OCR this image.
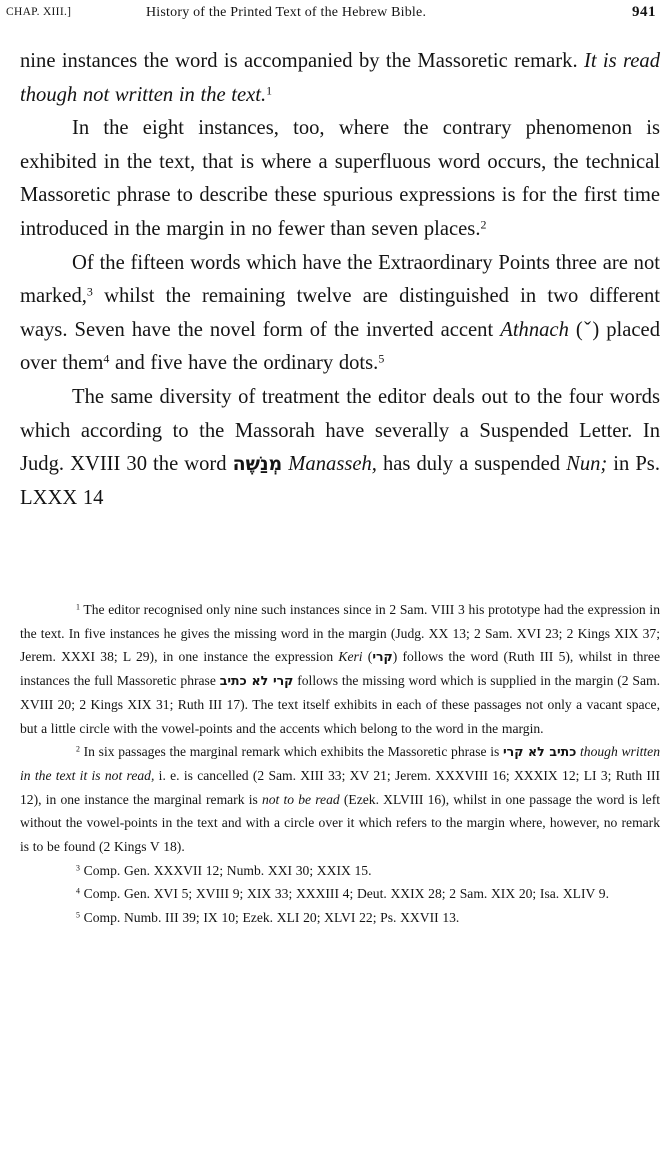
CHAP. XIII.]	History of the Printed Text of the Hebrew Bible.	941

nine instances the word is accompanied by the Massoretic remark. It is read though not written in the text.$^1$

In the eight instances, too, where the contrary phenomenon is exhibited in the text, that is where a superfluous word occurs, the technical Massoretic phrase to describe these spurious expressions is for the first time introduced in the margin in no fewer than seven places.$^2$

Of the fifteen words which have the Extraordinary Points three are not marked,$^3$ whilst the remaining twelve are distinguished in two different ways. Seven have the novel form of the inverted accent Athnach (ˇ) placed over them$^4$ and five have the ordinary dots.$^5$

The same diversity of treatment the editor deals out to the four words which according to the Massorah have severally a Suspended Letter. In Judg. XVIII 30 the word מְנַשֶּׁה Manasseh, has duly a suspended Nun; in Ps. LXXX 14

$^1$ The editor recognised only nine such instances since in 2 Sam. VIII 3 his prototype had the expression in the text. In five instances he gives the missing word in the margin (Judg. XX 13; 2 Sam. XVI 23; 2 Kings XIX 37; Jerem. XXXI 38; L 29), in one instance the expression Keri (קרי) follows the word (Ruth III 5), whilst in three instances the full Massoretic phrase קרי לא כתיב follows the missing word which is supplied in the margin (2 Sam. XVIII 20; 2 Kings XIX 31; Ruth III 17). The text itself exhibits in each of these passages not only a vacant space, but a little circle with the vowel-points and the accents which belong to the word in the margin.

$^2$ In six passages the marginal remark which exhibits the Massoretic phrase is כתיב לא קרי though written in the text it is not read, i. e. is cancelled (2 Sam. XIII 33; XV 21; Jerem. XXXVIII 16; XXXIX 12; LI 3; Ruth III 12), in one instance the marginal remark is not to be read (Ezek. XLVIII 16), whilst in one passage the word is left without the vowel-points in the text and with a circle over it which refers to the margin where, however, no remark is to be found (2 Kings V 18).

$^3$ Comp. Gen. XXXVII 12; Numb. XXI 30; XXIX 15.

$^4$ Comp. Gen. XVI 5; XVIII 9; XIX 33; XXXIII 4; Deut. XXIX 28; 2 Sam. XIX 20; Isa. XLIV 9.

$^5$ Comp. Numb. III 39; IX 10; Ezek. XLI 20; XLVI 22; Ps. XXVII 13.
